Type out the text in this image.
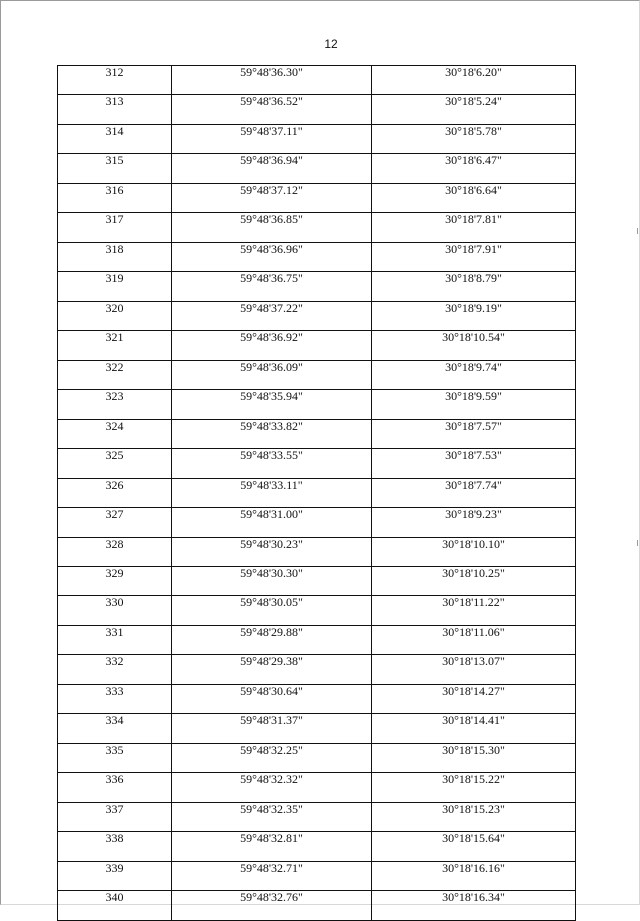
12
312	59°48'36.30"	30°18'6.20"
313	59°48'36.52"	30°18'5.24"
314	59°48'37.11"	30°18'5.78"
315	59°48'36.94"	30°18'6.47"
316	59°48'37.12"	30°18'6.64"
317	59°48'36.85"	30°18'7.81"
318	59°48'36.96"	30°18'7.91"
319	59°48'36.75"	30°18'8.79"
320	59°48'37.22"	30°18'9.19"
321	59°48'36.92"	30°18'10.54"
322	59°48'36.09"	30°18'9.74"
323	59°48'35.94"	30°18'9.59"
324	59°48'33.82"	30°18'7.57"
325	59°48'33.55"	30°18'7.53"
326	59°48'33.11"	30°18'7.74"
327	59°48'31.00"	30°18'9.23"
328	59°48'30.23"	30°18'10.10"
329	59°48'30.30"	30°18'10.25"
330	59°48'30.05"	30°18'11.22"
331	59°48'29.88"	30°18'11.06"
332	59°48'29.38"	30°18'13.07"
333	59°48'30.64"	30°18'14.27"
334	59°48'31.37"	30°18'14.41"
335	59°48'32.25"	30°18'15.30"
336	59°48'32.32"	30°18'15.22"
337	59°48'32.35"	30°18'15.23"
338	59°48'32.81"	30°18'15.64"
339	59°48'32.71"	30°18'16.16"
340	59°48'32.76"	30°18'16.34"
